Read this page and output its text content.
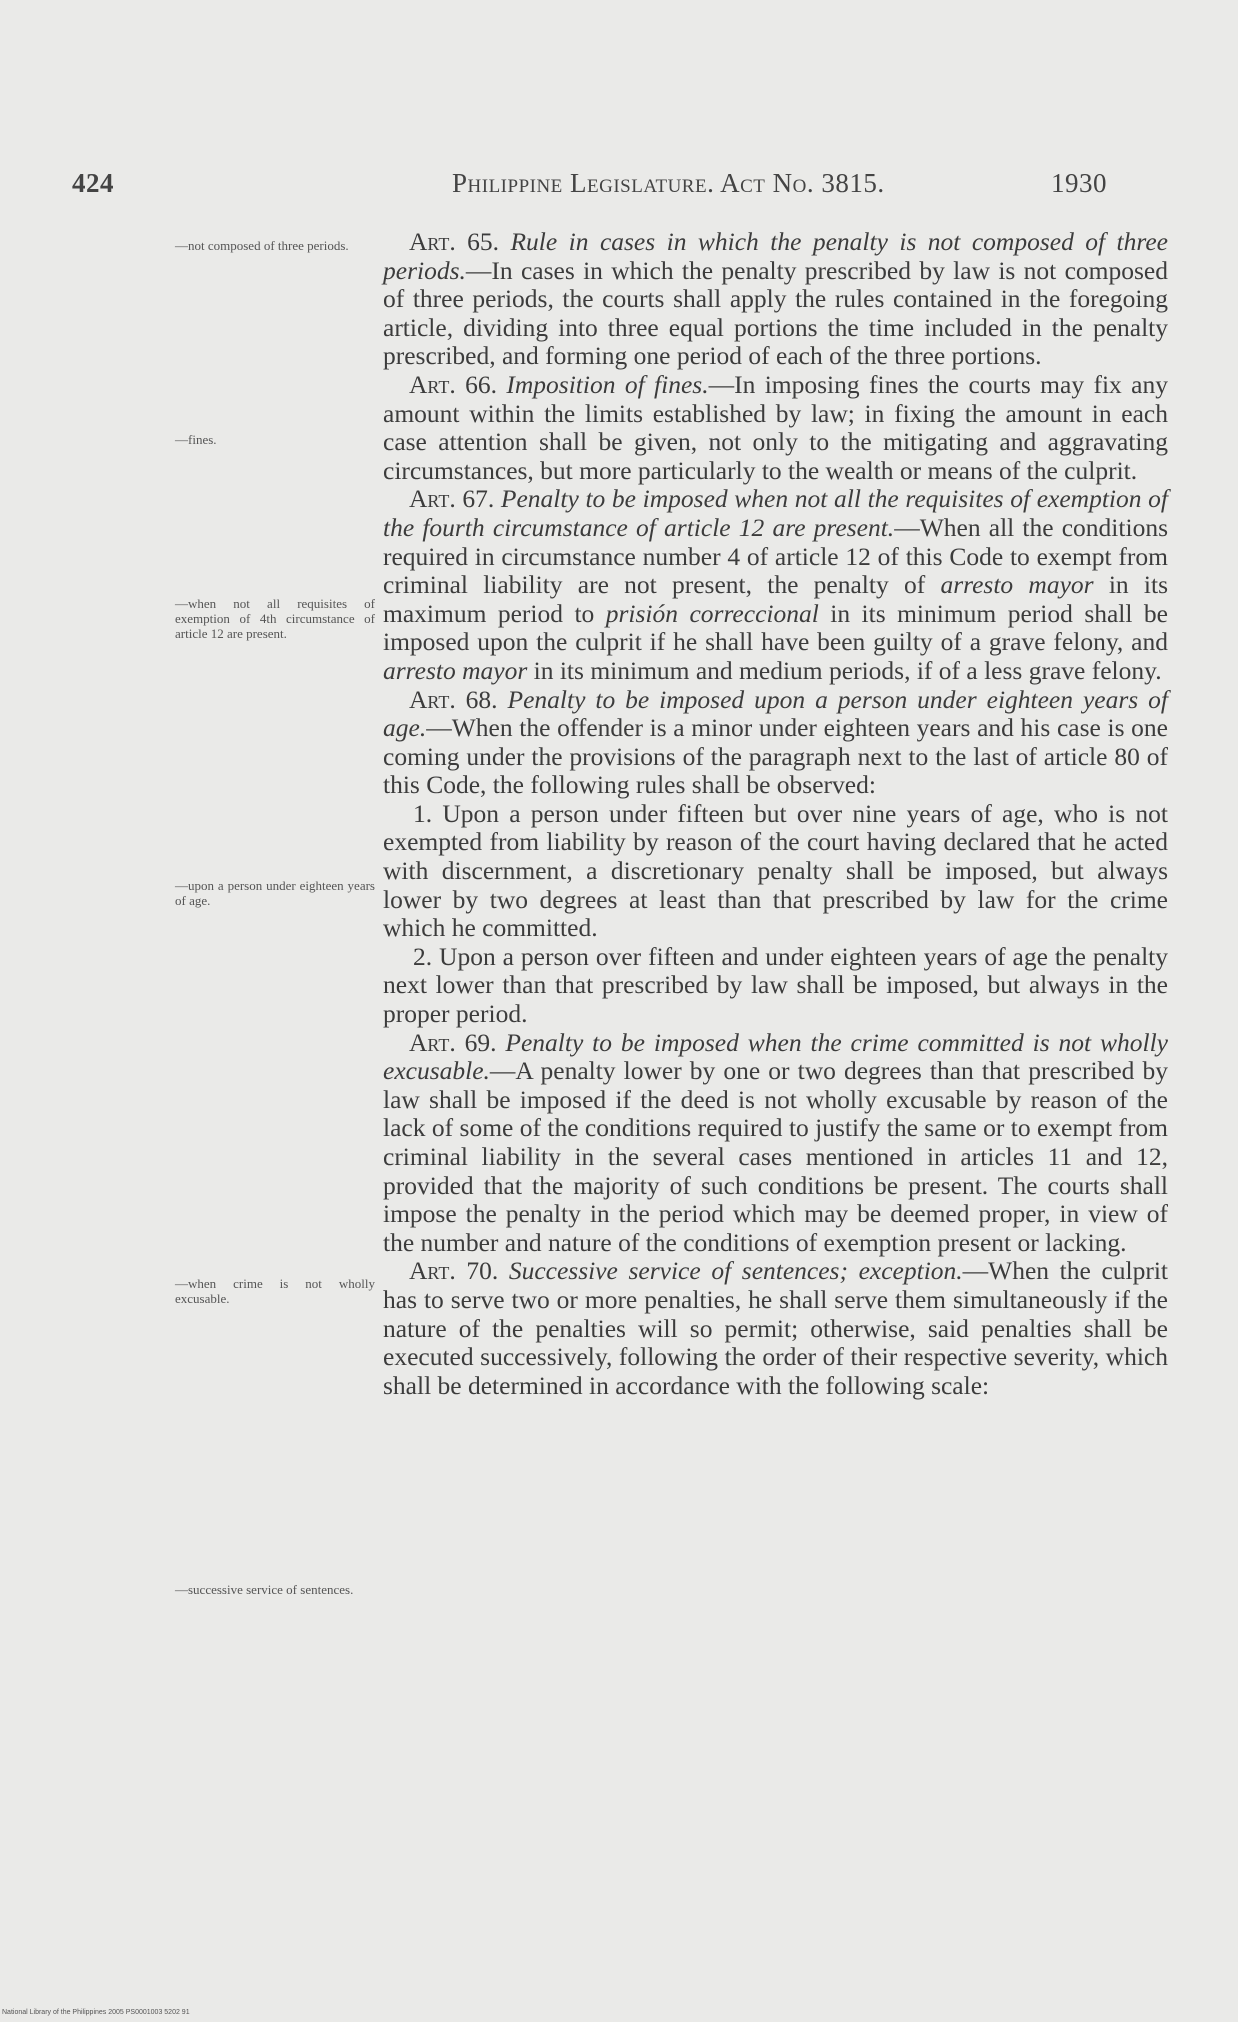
424	Philippine Legislature. Act No. 3815.	1930
—not composed of three periods.
—fines.
—when not all requisites of exemption of 4th circumstance of article 12 are present.
—upon a person under eighteen years of age.
—when crime is not wholly excusable.
—successive service of sentences.

Art. 65. Rule in cases in which the penalty is not composed of three periods.—In cases in which the penalty prescribed by law is not composed of three periods, the courts shall apply the rules contained in the foregoing article, dividing into three equal portions the time included in the penalty prescribed, and forming one period of each of the three portions.

Art. 66. Imposition of fines.—In imposing fines the courts may fix any amount within the limits established by law; in fixing the amount in each case attention shall be given, not only to the mitigating and aggravating circumstances, but more particularly to the wealth or means of the culprit.

Art. 67. Penalty to be imposed when not all the requisites of exemption of the fourth circumstance of article 12 are present.—When all the conditions required in circumstance number 4 of article 12 of this Code to exempt from criminal liability are not present, the penalty of arresto mayor in its maximum period to prisión correccional in its minimum period shall be imposed upon the culprit if he shall have been guilty of a grave felony, and arresto mayor in its minimum and medium periods, if of a less grave felony.

Art. 68. Penalty to be imposed upon a person under eighteen years of age.—When the offender is a minor under eighteen years and his case is one coming under the provisions of the paragraph next to the last of article 80 of this Code, the following rules shall be observed:

1. Upon a person under fifteen but over nine years of age, who is not exempted from liability by reason of the court having declared that he acted with discernment, a discretionary penalty shall be imposed, but always lower by two degrees at least than that prescribed by law for the crime which he committed.

2. Upon a person over fifteen and under eighteen years of age the penalty next lower than that prescribed by law shall be imposed, but always in the proper period.

Art. 69. Penalty to be imposed when the crime committed is not wholly excusable.—A penalty lower by one or two degrees than that prescribed by law shall be imposed if the deed is not wholly excusable by reason of the lack of some of the conditions required to justify the same or to exempt from criminal liability in the several cases mentioned in articles 11 and 12, provided that the majority of such conditions be present. The courts shall impose the penalty in the period which may be deemed proper, in view of the number and nature of the conditions of exemption present or lacking.

Art. 70. Successive service of sentences; exception.—When the culprit has to serve two or more penalties, he shall serve them simultaneously if the nature of the penalties will so permit; otherwise, said penalties shall be executed successively, following the order of their respective severity, which shall be determined in accordance with the following scale:

National Library of the Philippines 2005 PS0001003 5202 91
